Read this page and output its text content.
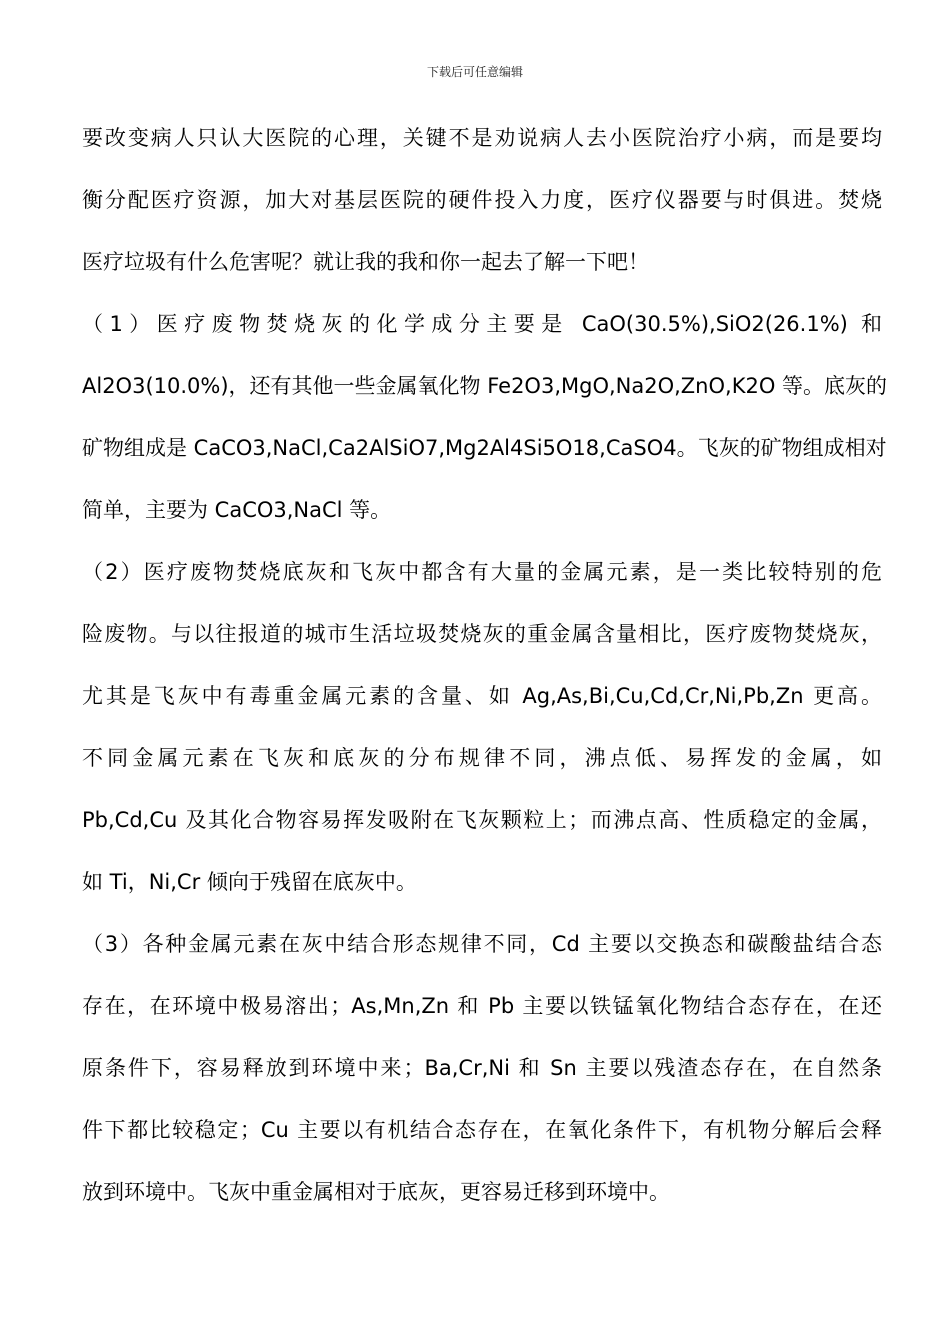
下载后可任意编辑
要改变病人只认大医院的心理，关键不是劝说病人去小医院治疗小病，而是要均
衡分配医疗资源，加大对基层医院的硬件投入力度，医疗仪器要与时俱进。焚烧
医疗垃圾有什么危害呢？就让我的我和你一起去了解一下吧！
（1）医疗废物焚烧灰的化学成分主要是 CaO(30.5%),SiO2(26.1%) 和
Al2O3(10.0%)，还有其他一些金属氧化物 Fe2O3,MgO,Na2O,ZnO,K2O 等。底灰的
矿物组成是 CaCO3,NaCl,Ca2AlSiO7,Mg2Al4Si5O18,CaSO4。飞灰的矿物组成相对
简单，主要为 CaCO3,NaCl 等。
（2）医疗废物焚烧底灰和飞灰中都含有大量的金属元素，是一类比较特别的危
险废物。与以往报道的城市生活垃圾焚烧灰的重金属含量相比，医疗废物焚烧灰，
尤其是飞灰中有毒重金属元素的含量、如 Ag,As,Bi,Cu,Cd,Cr,Ni,Pb,Zn 更高。
不同金属元素在飞灰和底灰的分布规律不同，沸点低、易挥发的金属，如
Pb,Cd,Cu 及其化合物容易挥发吸附在飞灰颗粒上；而沸点高、性质稳定的金属，
如 Ti，Ni,Cr 倾向于残留在底灰中。
（3）各种金属元素在灰中结合形态规律不同，Cd 主要以交换态和碳酸盐结合态
存在，在环境中极易溶出；As,Mn,Zn 和 Pb 主要以铁锰氧化物结合态存在，在还
原条件下，容易释放到环境中来；Ba,Cr,Ni 和 Sn 主要以残渣态存在，在自然条
件下都比较稳定；Cu 主要以有机结合态存在，在氧化条件下，有机物分解后会释
放到环境中。飞灰中重金属相对于底灰，更容易迁移到环境中。
